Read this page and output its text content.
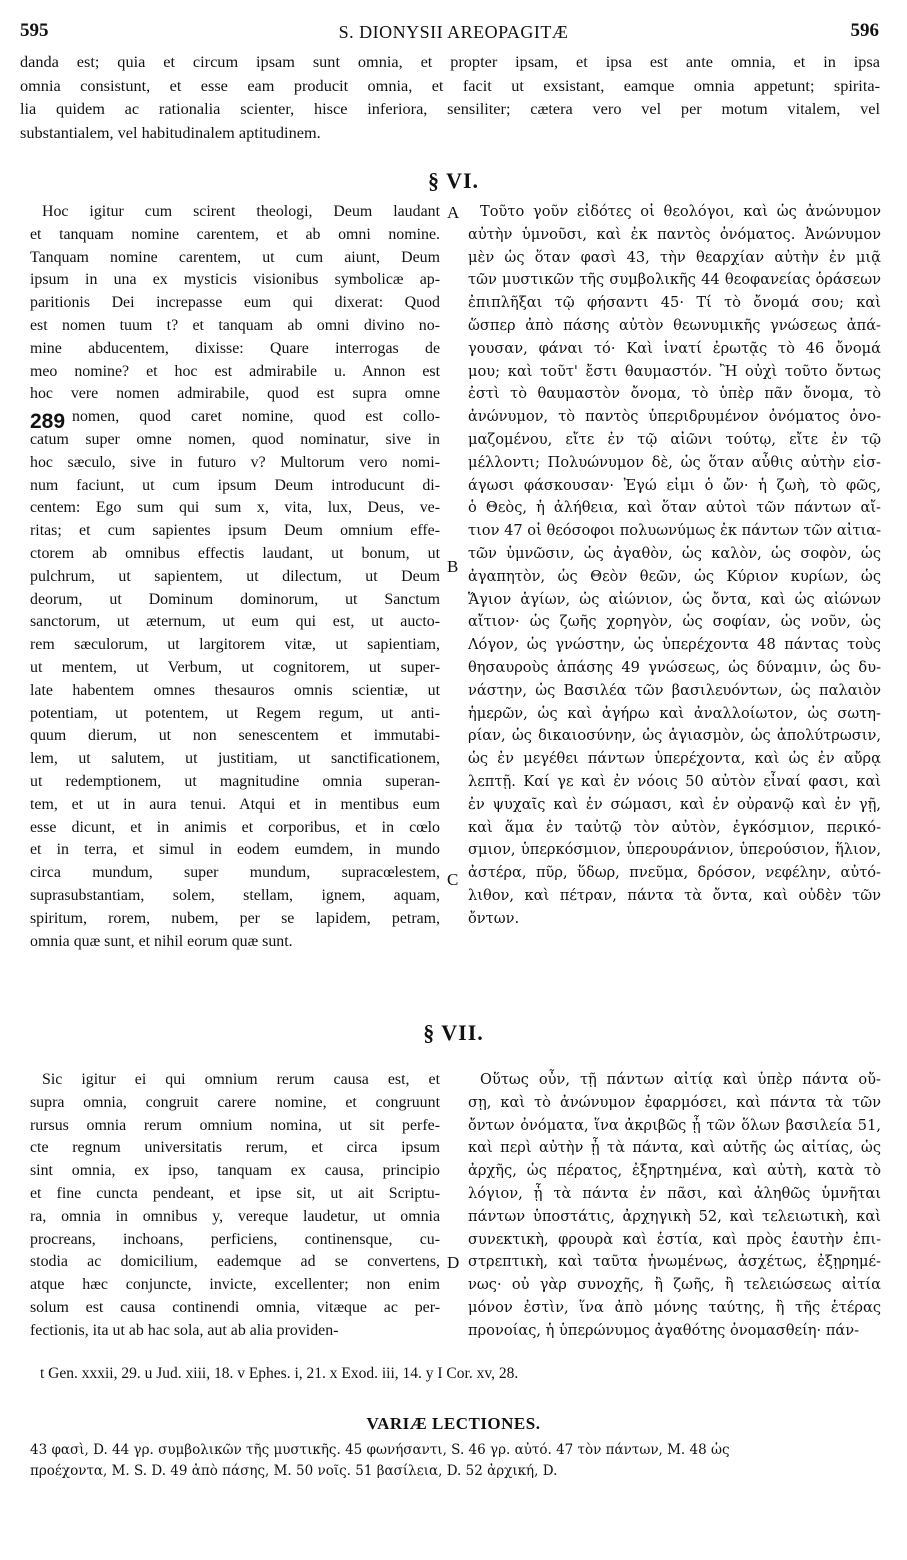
595	S. DIONYSII AREOPAGITÆ	596
danda est; quia et circum ipsam sunt omnia, et propter ipsam, et ipsa est ante omnia, et in ipsa
omnia consistunt, et esse eam producit omnia, et facit ut exsistant, eamque omnia appetunt; spirita-
lia quidem ac rationalia scienter, hisce inferiora, sensiliter; cætera vero vel per motum vitalem, vel
substantialem, vel habitudinalem aptitudinem.
§ VI.
Hoc igitur cum scirent theologi, Deum laudant
et tanquam nomine carentem, et ab omni nomine.
Tanquam nomine carentem, ut cum aiunt, Deum
ipsum in una ex mysticis visionibus symbolicæ ap-
paritionis Dei increpasse eum qui dixerat: Quod
est nomen tuum t? et tanquam ab omni divino no-
mine abducentem, dixisse: Quare interrogas de
meo nomine? et hoc est admirabile u. Annon est
hoc vere nomen admirabile, quod est supra omne
nomen, quod caret nomine, quod est collo-
catum super omne nomen, quod nominatur, sive in
hoc sæculo, sive in futuro v? Multorum vero nomi-
num faciunt, ut cum ipsum Deum introducunt di-
centem: Ego sum qui sum x, vita, lux, Deus, ve-
ritas; et cum sapientes ipsum Deum omnium effe-
ctorem ab omnibus effectis laudant, ut bonum, ut
pulchrum, ut sapientem, ut dilectum, ut Deum
deorum, ut Dominum dominorum, ut Sanctum
sanctorum, ut æternum, ut eum qui est, ut aucto-
rem sæculorum, ut largitorem vitæ, ut sapientiam,
ut mentem, ut Verbum, ut cognitorem, ut super-
late habentem omnes thesauros omnis scientiæ, ut
potentiam, ut potentem, ut Regem regum, ut anti-
quum dierum, ut non senescentem et immutabi-
lem, ut salutem, ut justitiam, ut sanctificationem,
ut redemptionem, ut magnitudine omnia superan-
tem, et ut in aura tenui. Atqui et in mentibus eum
esse dicunt, et in animis et corporibus, et in cœlo
et in terra, et simul in eodem eumdem, in mundo
circa mundum, super mundum, supracœlestem,
suprasubstantiam, solem, stellam, ignem, aquam,
spiritum, rorem, nubem, per se lapidem, petram,
omnia quæ sunt, et nihil eorum quæ sunt.
Τοῦτο γοῦν εἰδότες οἱ θεολόγοι, καὶ ὡς ἀνώνυμον
αὐτὴν ὑμνοῦσι, καὶ ἐκ παντὸς ὀνόματος. Ἀνώνυμον
μὲν ὡς ὅταν φασὶ 43, τὴν θεαρχίαν αὐτὴν ἐν μιᾷ
τῶν μυστικῶν τῆς συμβολικῆς 44 θεοφανείας ὁράσεων
ἐπιπλῆξαι τῷ φήσαντι 45· Τί τὸ ὄνομά σου; καὶ
ὥσπερ ἀπὸ πάσης αὐτὸν θεωνυμικῆς γνώσεως ἀπά-
γουσαν, φάναι τό· Καὶ ἱνατί ἐρωτᾷς τὸ 46 ὄνομά
μου; καὶ τοῦτ' ἔστι θαυμαστόν. Ἢ οὐχὶ τοῦτο ὄντως
ἐστὶ τὸ θαυμαστὸν ὄνομα, τὸ ὑπὲρ πᾶν ὄνομα, τὸ
ἀνώνυμον, τὸ παντὸς ὑπεριδρυμένον ὀνόματος ὀνο-
μαζομένου, εἴτε ἐν τῷ αἰῶνι τούτῳ, εἴτε ἐν τῷ
μέλλοντι; Πολυώνυμον δὲ, ὡς ὅταν αὖθις αὐτὴν εἰσ-
άγωσι φάσκουσαν· Ἐγώ εἰμι ὁ ὤν· ἡ ζωὴ, τὸ φῶς,
ὁ Θεὸς, ἡ ἀλήθεια, καὶ ὅταν αὐτοὶ τῶν πάντων αἴ-
τιον 47 οἱ θεόσοφοι πολυωνύμως ἐκ πάντων τῶν αἰτια-
τῶν ὑμνῶσιν, ὡς ἀγαθὸν, ὡς καλὸν, ὡς σοφὸν, ὡς
ἀγαπητὸν, ὡς Θεὸν θεῶν, ὡς Κύριον κυρίων, ὡς
Ἅγιον ἁγίων, ὡς αἰώνιον, ὡς ὄντα, καὶ ὡς αἰώνων
αἴτιον· ὡς ζωῆς χορηγὸν, ὡς σοφίαν, ὡς νοῦν, ὡς
Λόγον, ὡς γνώστην, ὡς ὑπερέχοντα 48 πάντας τοὺς
θησαυροὺς ἁπάσης 49 γνώσεως, ὡς δύναμιν, ὡς δυ-
νάστην, ὡς Βασιλέα τῶν βασιλευόντων, ὡς παλαιὸν
ἡμερῶν, ὡς καὶ ἀγήρω καὶ ἀναλλοίωτον, ὡς σωτη-
ρίαν, ὡς δικαιοσύνην, ὡς ἁγιασμὸν, ὡς ἀπολύτρωσιν,
ὡς ἐν μεγέθει πάντων ὑπερέχοντα, καὶ ὡς ἐν αὔρᾳ
λεπτῇ. Καί γε καὶ ἐν νόοις 50 αὐτὸν εἶναί φασι, καὶ
ἐν ψυχαῖς καὶ ἐν σώμασι, καὶ ἐν οὐρανῷ καὶ ἐν γῇ,
καὶ ἅμα ἐν ταὐτῷ τὸν αὐτὸν, ἐγκόσμιον, περικό-
σμιον, ὑπερκόσμιον, ὑπερουράνιον, ὑπερούσιον, ἥλιον,
ἀστέρα, πῦρ, ὕδωρ, πνεῦμα, δρόσον, νεφέλην, αὐτό-
λιθον, καὶ πέτραν, πάντα τὰ ὄντα, καὶ οὐδὲν τῶν
ὄντων.
A
B
C
D
289
§ VII.
Sic igitur ei qui omnium rerum causa est, et
supra omnia, congruit carere nomine, et congruunt
rursus omnia rerum omnium nomina, ut sit perfe-
cte regnum universitatis rerum, et circa ipsum
sint omnia, ex ipso, tanquam ex causa, principio
et fine cuncta pendeant, et ipse sit, ut ait Scriptu-
ra, omnia in omnibus y, vereque laudetur, ut omnia
procreans, inchoans, perficiens, continensque, cu-
stodia ac domicilium, eademque ad se convertens,
atque hæc conjuncte, invicte, excellenter; non enim
solum est causa continendi omnia, vitæque ac per-
fectionis, ita ut ab hac sola, aut ab alia providen-
Οὕτως οὖν, τῇ πάντων αἰτίᾳ καὶ ὑπὲρ πάντα οὔ-
σῃ, καὶ τὸ ἀνώνυμον ἐφαρμόσει, καὶ πάντα τὰ τῶν
ὄντων ὀνόματα, ἵνα ἀκριβῶς ᾖ τῶν ὅλων βασιλεία 51,
καὶ περὶ αὐτὴν ᾖ τὰ πάντα, καὶ αὐτῆς ὡς αἰτίας, ὡς
ἀρχῆς, ὡς πέρατος, ἐξηρτημένα, καὶ αὐτὴ, κατὰ τὸ
λόγιον, ᾖ τὰ πάντα ἐν πᾶσι, καὶ ἀληθῶς ὑμνῆται
πάντων ὑποστάτις, ἀρχηγικὴ 52, καὶ τελειωτικὴ, καὶ
συνεκτικὴ, φρουρὰ καὶ ἑστία, καὶ πρὸς ἑαυτὴν ἐπι-
στρεπτικὴ, καὶ ταῦτα ἡνωμένως, ἀσχέτως, ἐξῃρημέ-
νως· οὐ γὰρ συνοχῆς, ἢ ζωῆς, ἢ τελειώσεως αἰτία
μόνον ἐστὶν, ἵνα ἀπὸ μόνης ταύτης, ἢ τῆς ἑτέρας
προνοίας, ἡ ὑπερώνυμος ἀγαθότης ὀνομασθείη· πάν-
t Gen. xxxii, 29. u Jud. xiii, 18. v Ephes. i, 21. x Exod. iii, 14. y I Cor. xv, 28.
VARIÆ LECTIONES.
43 φασὶ, D. 44 γρ. συμβολικῶν τῆς μυστικῆς. 45 φωνήσαντι, S. 46 γρ. αὐτό. 47 τὸν πάντων, M. 48 ὡς
προέχοντα, M. S. D. 49 ἀπὸ πάσης, M. 50 νοῖς. 51 βασίλεια, D. 52 ἀρχική, D.
